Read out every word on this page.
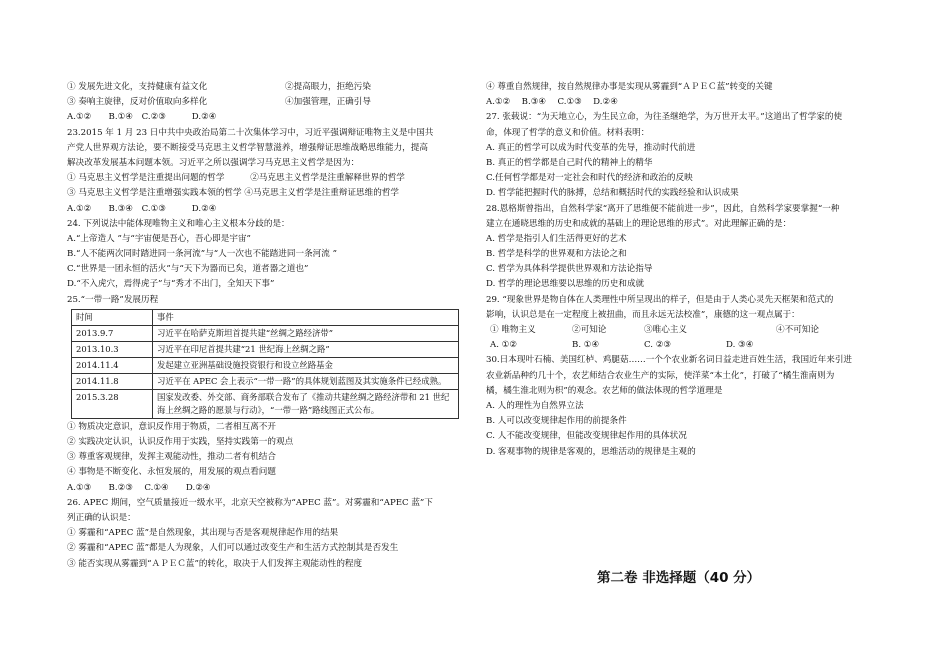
① 发展先进文化，支持健康有益文化	②提高眼力，拒绝污染
③ 奏响主旋律，反对价值取向多样化	④加强管理，正确引导
A.①②　　B.①④　C.②③　　　D.②④
23.2015 年 1 月 23 日中共中央政治局第二十次集体学习中，习近平强调辩证唯物主义是中国共
产党人世界观方法论，要不断接受马克思主义哲学智慧滋养，增强辩证思维战略思维能力，提高
解决改革发展基本问题本领。习近平之所以强调学习马克思主义哲学是因为：
① 马克思主义哲学是注重提出问题的哲学　　　②马克思主义哲学是注重解释世界的哲学
③ 马克思主义哲学是注重增强实践本领的哲学 ④马克思主义哲学是注重辩证思维的哲学
A.①②　　B.③④　C.①③　　　D.②④
24. 下列说法中能体现唯物主义和唯心主义根本分歧的是：
A.“上帝造人 ”与“宇宙便是吾心，吾心即是宇宙”
B.“人不能两次同时踏进同一条河流”与“人一次也不能踏进同一条河流 ”
C.“世界是一团永恒的活火”与“天下为器而已矣，道者器之道也”
D.“不入虎穴，焉得虎子”与“秀才不出门，全知天下事”
25.“一带一路”发展历程
时间	事件
2013.9.7	习近平在哈萨克斯坦首提共建“丝绸之路经济带”
2013.10.3	习近平在印尼首提共建“21 世纪海上丝绸之路”
2014.11.4	发起建立亚洲基础设施投资银行和设立丝路基金
2014.11.8	习近平在 APEC 会上表示“一带一路”的具体规划蓝图及其实施条件已经成熟。
2015.3.28	国家发改委、外交部、商务部联合发布了《推动共建丝绸之路经济带和 21 世纪海上丝绸之路的愿景与行动》，“一带一路”路线图正式公布。
① 物质决定意识，意识反作用于物质，二者相互离不开
② 实践决定认识，认识反作用于实践，坚持实践第一的观点
③ 尊重客观规律，发挥主观能动性，推动二者有机结合
④ 事物是不断变化、永恒发展的，用发展的观点看问题
A.①③　　B.②③　 C.①④　　D.②④
26. APEC 期间，空气质量接近一级水平，北京天空被称为“APEC 蓝”。对雾霾和“APEC 蓝”下
列正确的认识是：
① 雾霾和“APEC 蓝”是自然现象，其出现与否是客观规律起作用的结果
② 雾霾和“APEC 蓝”都是人为现象，人们可以通过改变生产和生活方式控制其是否发生
③ 能否实现从雾霾到“ＡＰＥＣ蓝”的转化，取决于人们发挥主观能动性的程度
④ 尊重自然规律，按自然规律办事是实现从雾霾到“ＡＰＥＣ蓝”转变的关键
A.①②　 B.③④　 C.①③　 D.②④
27. 张载说：“为天地立心，为生民立命，为往圣继绝学，为万世开太平。”这道出了哲学家的使
命，体现了哲学的意义和价值。材料表明：
A. 真正的哲学可以成为时代变革的先导，推动时代前进
B. 真正的哲学都是自己时代的精神上的精华
C.任何哲学都是对一定社会和时代的经济和政治的反映
D. 哲学能把握时代的脉搏，总结和概括时代的实践经验和认识成果
28.恩格斯曾指出，自然科学家“离开了思维便不能前进一步”，因此，自然科学家要掌握“一种
建立在通晓思维的历史和成就的基础上的理论思维的形式”。对此理解正确的是：
A. 哲学是指引人们生活得更好的艺术
B. 哲学是科学的世界观和方法论之和
C. 哲学为具体科学提供世界观和方法论指导
D. 哲学的理论思维要以思维的历史和成就
29. “现象世界是物自体在人类理性中所呈现出的样子，但是由于人类心灵先天框架和范式的
影响，认识总是在一定程度上被扭曲，而且永远无法校准”，康德的这一观点属于：
① 唯物主义	②可知论	③唯心主义	④不可知论
A. ①②	B. ①④	C. ②③	D. ③④
30.日本现叶石楠、美国红栌、鸡腿菇……一个个农业新名词日益走进百姓生活，我国近年来引进
农业新品种约几十个，农艺师结合农业生产的实际，使洋菜“本土化”，打破了“橘生淮南则为
橘，橘生淮北则为枳”的观念。农艺师的做法体现的哲学道理是
A. 人的理性为自然界立法
B. 人可以改变规律起作用的前提条件
C. 人不能改变规律，但能改变规律起作用的具体状况
D. 客观事物的规律是客观的，思维活动的规律是主观的
第二卷 非选择题（40 分）
